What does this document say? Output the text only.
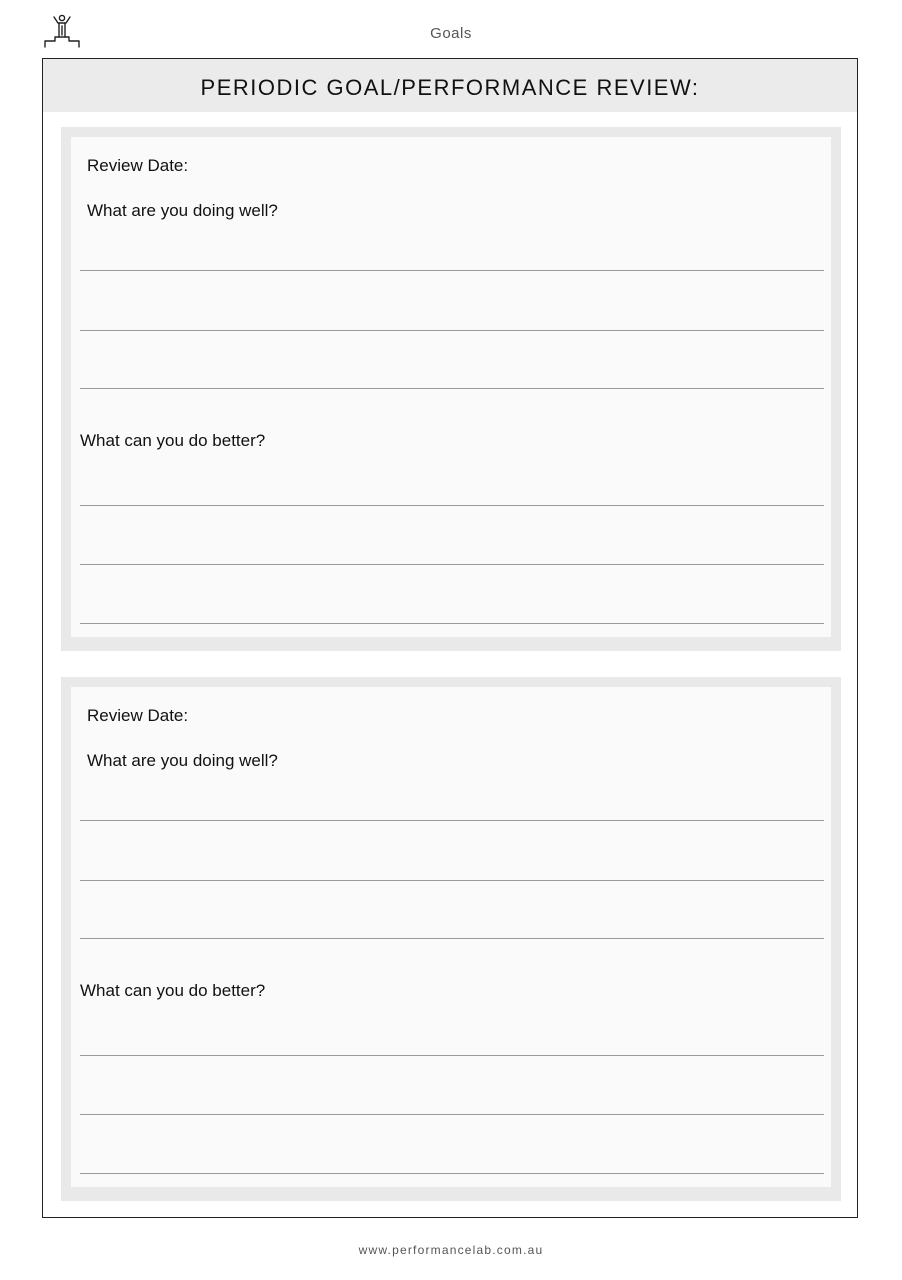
Goals
PERIODIC GOAL/PERFORMANCE REVIEW:
Review Date:
What are you doing well?
What can you do better?
Review Date:
What are you doing well?
What can you do better?
www.performancelab.com.au
